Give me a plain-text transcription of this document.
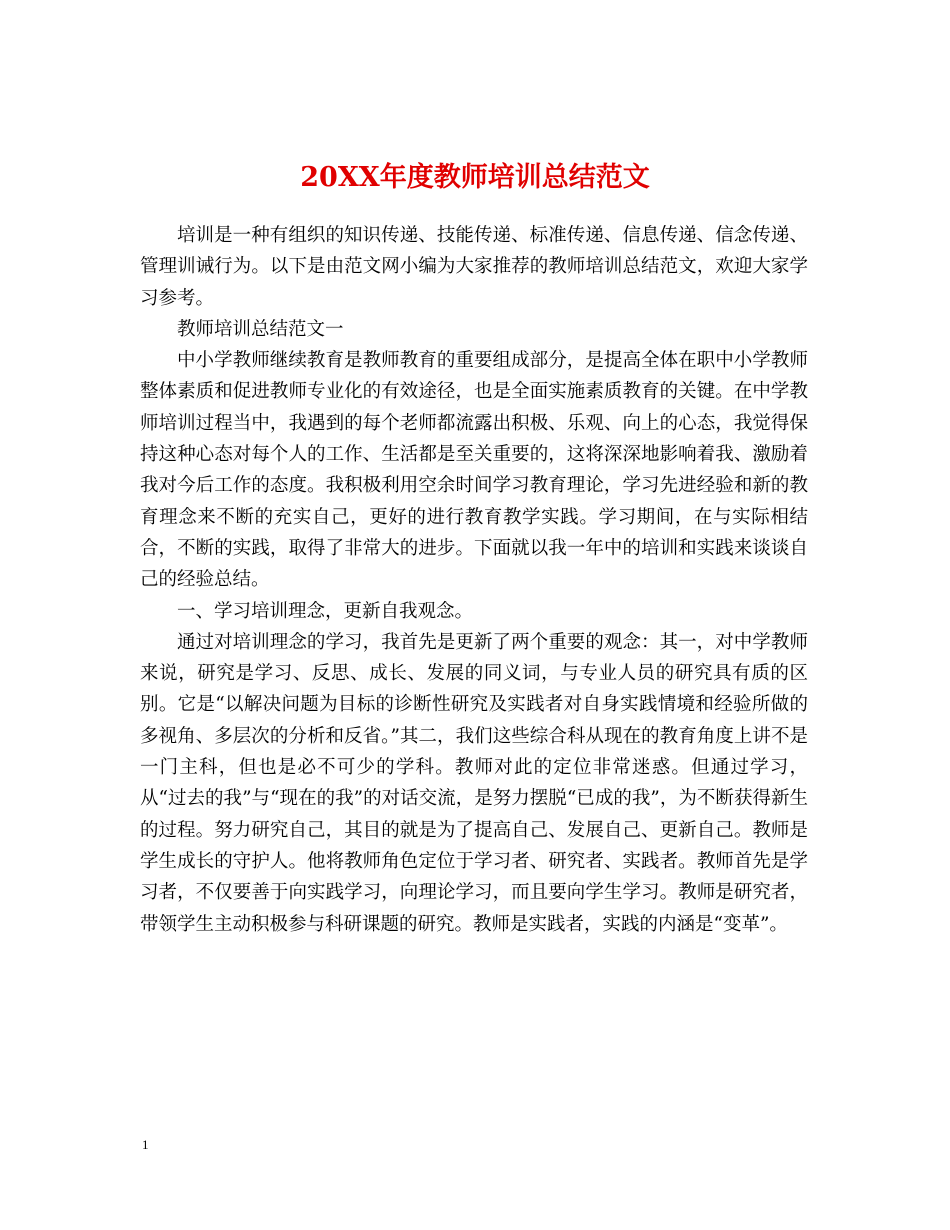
20XX年度教师培训总结范文

培训是一种有组织的知识传递、技能传递、标准传递、信息传递、信念传递、管理训诫行为。以下是由范文网小编为大家推荐的教师培训总结范文，欢迎大家学习参考。

教师培训总结范文一

中小学教师继续教育是教师教育的重要组成部分，是提高全体在职中小学教师整体素质和促进教师专业化的有效途径，也是全面实施素质教育的关键。在中学教师培训过程当中，我遇到的每个老师都流露出积极、乐观、向上的心态，我觉得保持这种心态对每个人的工作、生活都是至关重要的，这将深深地影响着我、激励着我对今后工作的态度。我积极利用空余时间学习教育理论，学习先进经验和新的教育理念来不断的充实自己，更好的进行教育教学实践。学习期间，在与实际相结合，不断的实践，取得了非常大的进步。下面就以我一年中的培训和实践来谈谈自己的经验总结。

一、学习培训理念，更新自我观念。

通过对培训理念的学习，我首先是更新了两个重要的观念：其一，对中学教师来说，研究是学习、反思、成长、发展的同义词，与专业人员的研究具有质的区别。它是“以解决问题为目标的诊断性研究及实践者对自身实践情境和经验所做的多视角、多层次的分析和反省。”其二，我们这些综合科从现在的教育角度上讲不是一门主科，但也是必不可少的学科。教师对此的定位非常迷惑。但通过学习，从“过去的我”与“现在的我”的对话交流，是努力摆脱“已成的我”，为不断获得新生的过程。努力研究自己，其目的就是为了提高自己、发展自己、更新自己。教师是学生成长的守护人。他将教师角色定位于学习者、研究者、实践者。教师首先是学习者，不仅要善于向实践学习，向理论学习，而且要向学生学习。教师是研究者，带领学生主动积极参与科研课题的研究。教师是实践者，实践的内涵是“变革”。

1
